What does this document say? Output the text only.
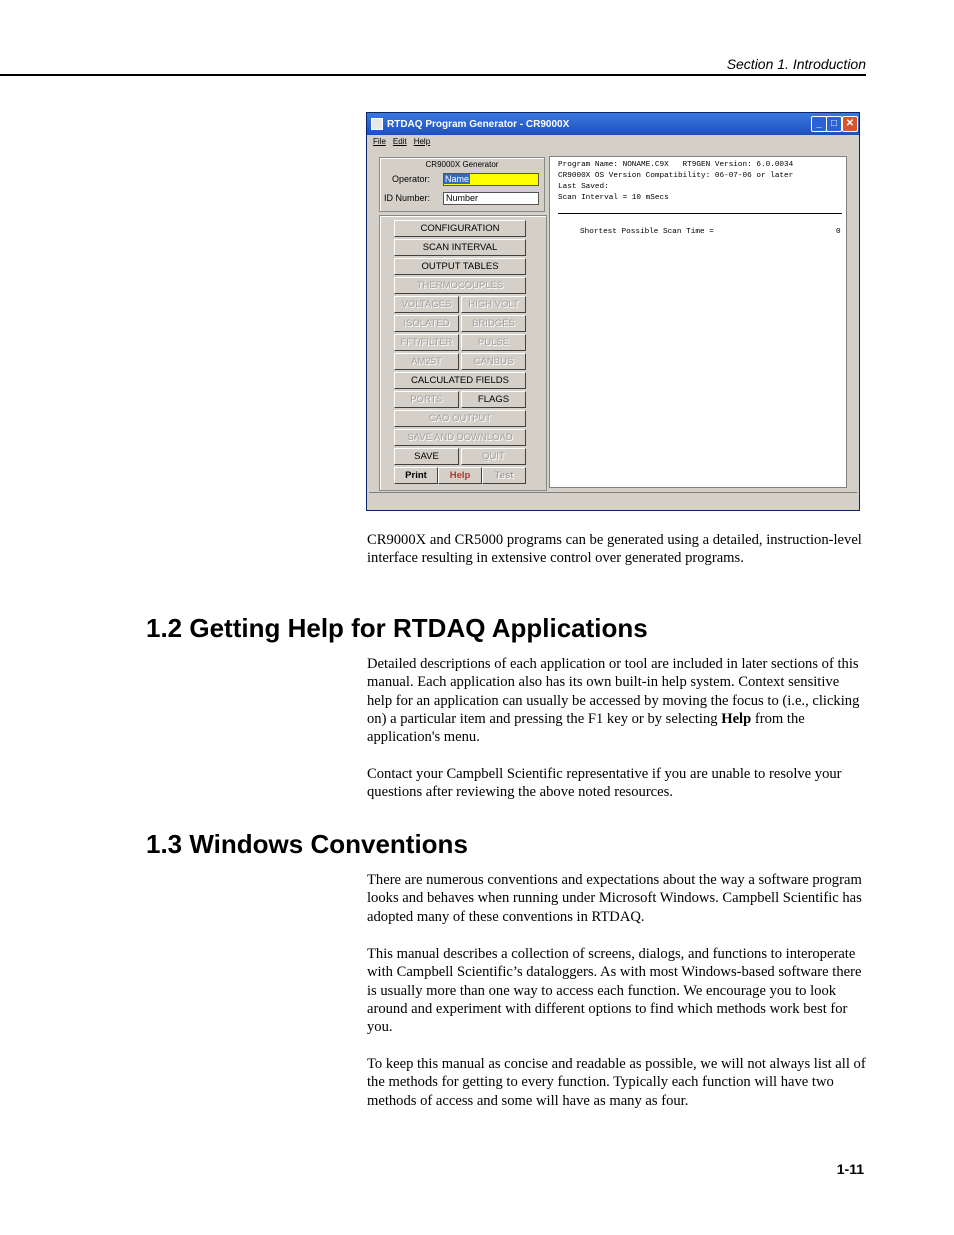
Section 1. Introduction
RTDAQ Program Generator - CR9000X	_ □ ✕
File Edit Help
CR9000X Generator
Operator: Name
ID Number:	Number
CONFIGURATION
SCAN INTERVAL
OUTPUT TABLES
THERMOCOUPLES
VOLTAGES	HIGH VOLT
ISOLATED	BRIDGES
FFT/FILTER	PULSE
AM25T	CANBUS
CALCULATED FIELDS
PORTS	FLAGS
CAO OUTPUT
SAVE AND DOWNLOAD
SAVE	QUIT
Print	Help	Test
Program Name: NONAME.C9X   RT9GEN Version: 6.0.0034
CR9000X OS Version Compatibility: 06-07-06 or later
Last Saved:
Scan Interval = 10 mSecs
Shortest Possible Scan Time =	0
CR9000X and CR5000 programs can be generated using a detailed, instruction-level interface resulting in extensive control over generated programs.
1.2 Getting Help for RTDAQ Applications
Detailed descriptions of each application or tool are included in later sections of this manual. Each application also has its own built-in help system. Context sensitive help for an application can usually be accessed by moving the focus to (i.e., clicking on) a particular item and pressing the F1 key or by selecting Help from the application's menu.
Contact your Campbell Scientific representative if you are unable to resolve your questions after reviewing the above noted resources.
1.3 Windows Conventions
There are numerous conventions and expectations about the way a software program looks and behaves when running under Microsoft Windows. Campbell Scientific has adopted many of these conventions in RTDAQ.
This manual describes a collection of screens, dialogs, and functions to interoperate with Campbell Scientific’s dataloggers. As with most Windows-based software there is usually more than one way to access each function. We encourage you to look around and experiment with different options to find which methods work best for you.
To keep this manual as concise and readable as possible, we will not always list all of the methods for getting to every function. Typically each function will have two methods of access and some will have as many as four.
1-11
